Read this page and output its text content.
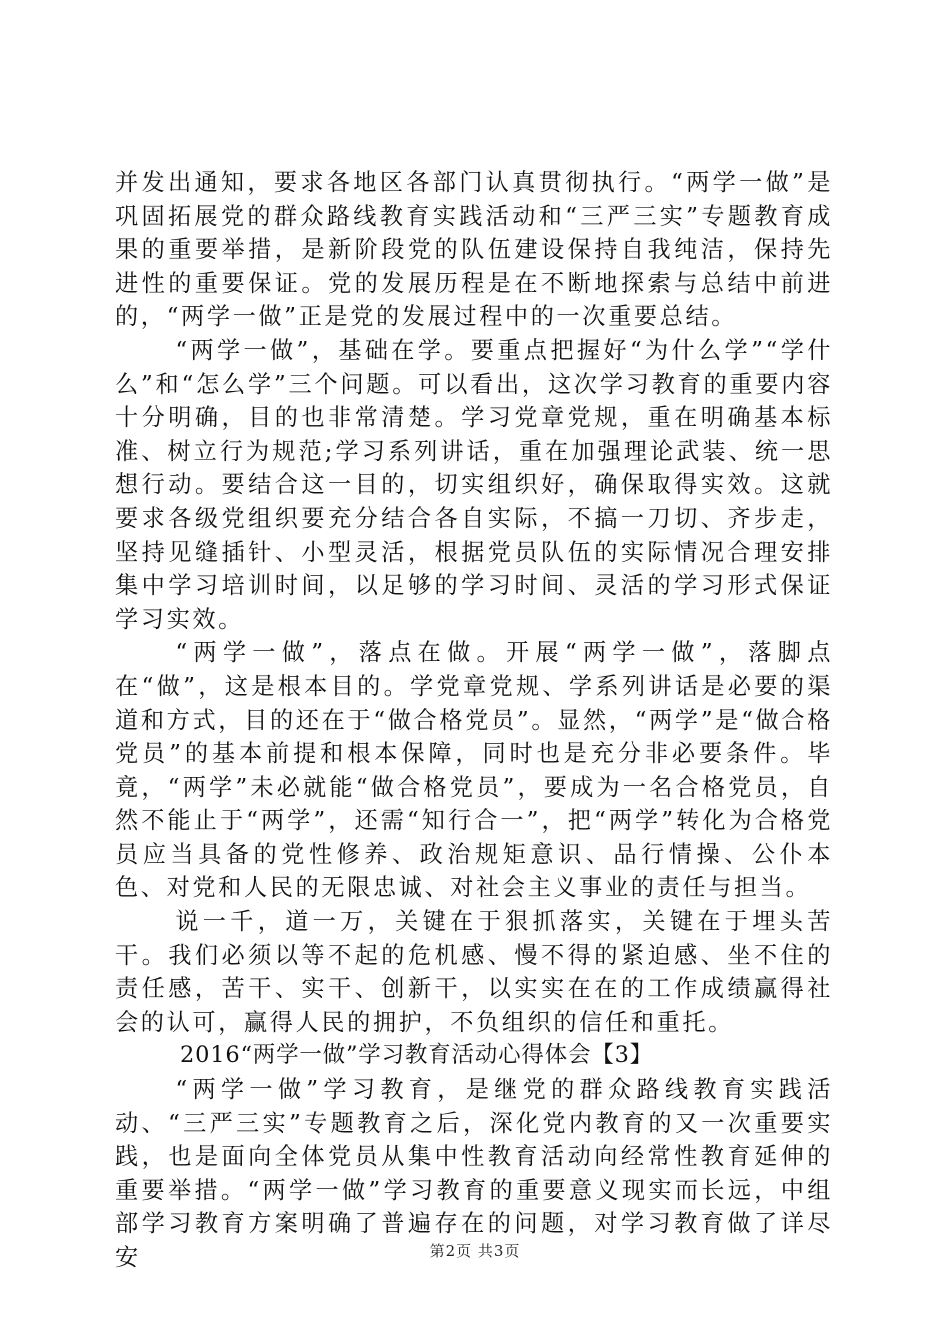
并发出通知，要求各地区各部门认真贯彻执行。“两学一做”是巩固拓展党的群众路线教育实践活动和“三严三实”专题教育成果的重要举措，是新阶段党的队伍建设保持自我纯洁，保持先进性的重要保证。党的发展历程是在不断地探索与总结中前进的，“两学一做”正是党的发展过程中的一次重要总结。

“两学一做”，基础在学。要重点把握好“为什么学”“学什么”和“怎么学”三个问题。可以看出，这次学习教育的重要内容十分明确，目的也非常清楚。学习党章党规，重在明确基本标准、树立行为规范;学习系列讲话，重在加强理论武装、统一思想行动。要结合这一目的，切实组织好，确保取得实效。这就要求各级党组织要充分结合各自实际，不搞一刀切、齐步走，坚持见缝插针、小型灵活，根据党员队伍的实际情况合理安排集中学习培训时间，以足够的学习时间、灵活的学习形式保证学习实效。

“两学一做”，落点在做。开展“两学一做”，落脚点在“做”，这是根本目的。学党章党规、学系列讲话是必要的渠道和方式，目的还在于“做合格党员”。显然，“两学”是“做合格党员”的基本前提和根本保障，同时也是充分非必要条件。毕竟，“两学”未必就能“做合格党员”，要成为一名合格党员，自然不能止于“两学”，还需“知行合一”，把“两学”转化为合格党员应当具备的党性修养、政治规矩意识、品行情操、公仆本色、对党和人民的无限忠诚、对社会主义事业的责任与担当。

说一千，道一万，关键在于狠抓落实，关键在于埋头苦干。我们必须以等不起的危机感、慢不得的紧迫感、坐不住的责任感，苦干、实干、创新干，以实实在在的工作成绩赢得社会的认可，赢得人民的拥护，不负组织的信任和重托。

2016“两学一做”学习教育活动心得体会【3】

“两学一做”学习教育，是继党的群众路线教育实践活动、“三严三实”专题教育之后，深化党内教育的又一次重要实践，也是面向全体党员从集中性教育活动向经常性教育延伸的重要举措。“两学一做”学习教育的重要意义现实而长远，中组部学习教育方案明确了普遍存在的问题，对学习教育做了详尽安	第2页 共3页
